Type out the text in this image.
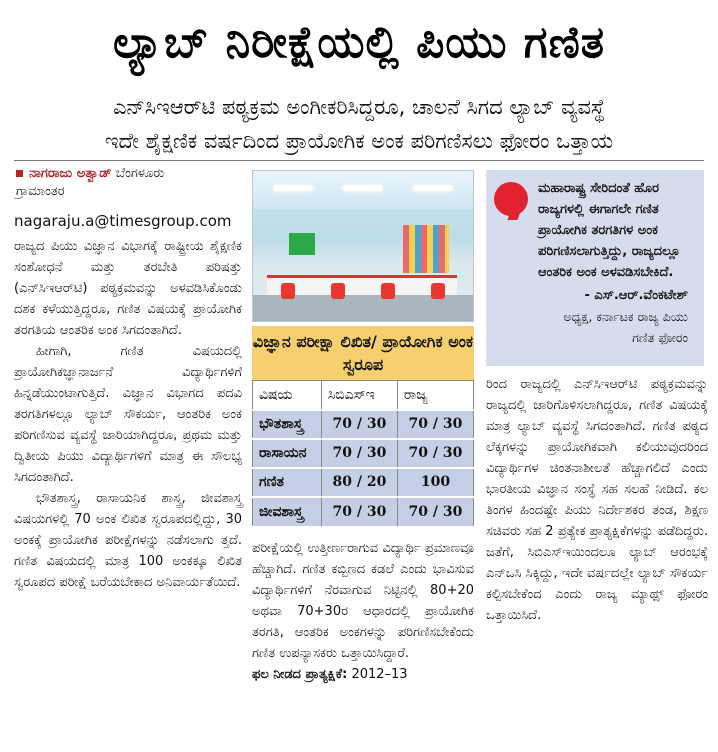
ಲ್ಯಾಬ್ ನಿರೀಕ್ಷೆಯಲ್ಲಿ ಪಿಯು ಗಣಿತ
ಎನ್‌ಸಿಇಆರ್‌ಟಿ ಪಠ್ಯಕ್ರಮ ಅಂಗೀಕರಿಸಿದ್ದರೂ, ಚಾಲನೆ ಸಿಗದ ಲ್ಯಾಬ್ ವ್ಯವಸ್ಥೆ
ಇದೇ ಶೈಕ್ಷಣಿಕ ವರ್ಷದಿಂದ ಪ್ರಾಯೋಗಿಕ ಅಂಕ ಪರಿಗಣಿಸಲು ಫೋರಂ ಒತ್ತಾಯ
ನಾಗರಾಜು ಅತ್ವಾಡ್ ಬೆಂಗಳೂರು
ಗ್ರಾಮಾಂತರ
nagaraju.a@timesgroup.com

ರಾಜ್ಯದ ಪಿಯು ವಿಜ್ಞಾನ ವಿಭಾಗಕ್ಕೆ ರಾಷ್ಟ್ರೀಯ ಶೈಕ್ಷಣಿಕ ಸಂಶೋಧನೆ ಮತ್ತು ತರಬೇತಿ ಪರಿಷತ್ತು (ಎನ್‌ಸಿಇಆರ್‌ಟಿ) ಪಠ್ಯಕ್ರಮವನ್ನು ಅಳವಡಿಸಿಕೊಂಡು ದಶಕ ಕಳೆಯುತ್ತಿದ್ದರೂ, ಗಣಿತ ವಿಷಯಕ್ಕೆ ಪ್ರಾಯೋಗಿಕ ತರಗತಿಯ ಆಂತರಿಕ ಅಂಕ ಸಿಗದಂತಾಗಿದೆ.

ಹೀಗಾಗಿ, ಗಣಿತ ವಿಷಯದಲ್ಲಿ ಪ್ರಾಯೋಗಿಕಜ್ಞಾನಾರ್ಜನೆ ವಿದ್ಯಾರ್ಥಿಗಳಿಗೆ ಹಿನ್ನಡೆಯುಂಟಾಗುತ್ತಿದೆ. ವಿಜ್ಞಾನ ವಿಭಾಗದ ಪದವಿ ತರಗತಿಗಳಲ್ಲೂ ಲ್ಯಾಬ್ ಸೌಕರ್ಯ, ಆಂತರಿಕ ಅಂಕ ಪರಿಗಣಿಸುವ ವ್ಯವಸ್ಥೆ ಜಾರಿಯಾಗಿದ್ದರೂ, ಪ್ರಥಮ ಮತ್ತು ದ್ವಿತೀಯ ಪಿಯು ವಿದ್ಯಾರ್ಥಿಗಳಿಗೆ ಮಾತ್ರ ಈ ಸೌಲಭ್ಯ ಸಿಗದಂತಾಗಿದೆ.

ಭೌತಶಾಸ್ತ್ರ, ರಾಸಾಯನಿಕ ಶಾಸ್ತ್ರ, ಜೀವಶಾಸ್ತ್ರ ವಿಷಯಗಳಲ್ಲಿ 70 ಅಂಕ ಲಿಖಿತ ಸ್ವರೂಪದಲ್ಲಿದ್ದು, 30 ಅಂಕಕ್ಕೆ ಪ್ರಾಯೋಗಿಕ ಪರೀಕ್ಷೆಗಳನ್ನು ನಡೆಸಲಾಗು ತ್ತದೆ. ಗಣಿತ ವಿಷಯದಲ್ಲಿ ಮಾತ್ರ 100 ಅಂಕಕ್ಕೂ ಲಿಖಿತ ಸ್ವರೂಪದ ಪರೀಕ್ಷೆ ಬರೆಯಬೇಕಾದ ಅನಿವಾರ್ಯತೆಯಿದೆ.

ವಿಜ್ಞಾನ ಪರೀಕ್ಷಾ ಲಿಖಿತ/ ಪ್ರಾಯೋಗಿಕ ಅಂಕ ಸ್ವರೂಪ
ವಿಷಯ	ಸಿಬಿಎಸ್ಇ	ರಾಜ್ಯ
ಭೌತಶಾಸ್ತ್ರ	70 / 30	70 / 30
ರಾಸಾಯನ	70 / 30	70 / 30
ಗಣಿತ	80 / 20	100
ಜೀವಶಾಸ್ತ್ರ	70 / 30	70 / 30

ಪರೀಕ್ಷೆಯಲ್ಲಿ ಉತ್ತೀರ್ಣರಾಗುವ ವಿದ್ಯಾರ್ಥಿ ಪ್ರಮಾಣವೂ ಹೆಚ್ಚಾಗಿದೆ. ಗಣಿತ ಕಬ್ಬಿಣದ ಕಡಲೆ ಎಂದು ಭಾವಿಸುವ ವಿದ್ಯಾರ್ಥಿಗಳಿಗೆ ನೆರವಾಗುವ ನಿಟ್ಟಿನಲ್ಲಿ 80+20 ಅಥವಾ 70+30ರ ಆಧಾರದಲ್ಲಿ ಪ್ರಾಯೋಗಿಕ ತರಗತಿ, ಆಂತರಿಕ ಅಂಕಗಳನ್ನು ಪರಿಗಣಿಸಬೇಕೆಂದು ಗಣಿತ ಉಪನ್ಯಾಸಕರು ಒತ್ತಾಯಿಸಿದ್ದಾರೆ.

ಫಲ ನೀಡದ ಪ್ರಾತ್ಯಕ್ಷಿಕೆ: 2012–13

ಮಹಾರಾಷ್ಟ್ರ ಸೇರಿದಂತೆ ಹೊರ ರಾಜ್ಯಗಳಲ್ಲಿ ಈಗಾಗಲೇ ಗಣಿತ ಪ್ರಾಯೋಗಿಕ ತರಗತಿಗಳ ಅಂಕ ಪರಿಗಣಿಸಲಾಗುತ್ತಿದ್ದು, ರಾಜ್ಯದಲ್ಲೂ ಆಂತರಿಕ ಅಂಕ ಅಳವಡಿಸಬೇಕಿದೆ.
- ಎಸ್.ಆರ್.ವೆಂಕಟೇಶ್
ಅಧ್ಯಕ್ಷ, ಕರ್ನಾಟಕ ರಾಜ್ಯ ಪಿಯು ಗಣಿತ ಫೋರಂ

ರಿಂದ ರಾಜ್ಯದಲ್ಲಿ ಎನ್‌ಸಿಇಆರ್‌ಟಿ ಪಠ್ಯಕ್ರಮವನ್ನು ರಾಜ್ಯದಲ್ಲಿ ಜಾರಿಗೊಳಿಸಲಾಗಿದ್ದರೂ, ಗಣಿತ ವಿಷಯಕ್ಕೆ ಮಾತ್ರ ಲ್ಯಾಬ್ ವ್ಯವಸ್ಥೆ ಸಿಗದಂತಾಗಿದೆ. ಗಣಿತ ಪಠ್ಯದ ಲೆಕ್ಕಗಳನ್ನು ಪ್ರಾಯೋಗಿಕವಾಗಿ ಕಲಿಯುವುದರಿಂದ ವಿದ್ಯಾರ್ಥಿಗಳ ಚಿಂತನಾಶೀಲತೆ ಹೆಚ್ಚಾಗಲಿದೆ ಎಂದು ಭಾರತೀಯ ವಿಜ್ಞಾನ ಸಂಸ್ಥೆ ಸಹ ಸಲಹೆ ನೀಡಿದೆ. ಕಲ ತಿಂಗಳ ಹಿಂದಷ್ಟೇ ಪಿಯು ನಿರ್ದೇಶಕರ ತಂಡ, ಶಿಕ್ಷಣ ಸಚಿವರು ಸಹ 2 ಪ್ರತ್ಯೇಕ ಪ್ರಾತ್ಯಕ್ಷಿಕೆಗಳನ್ನು ಪಡೆದಿದ್ದರು. ಜತೆಗೆ, ಸಿಬಿಎಸ್‌ಇಯಿಂದಲೂ ಲ್ಯಾಬ್ ಆರಂಭಕ್ಕೆ ಎನ್‌ಒಸಿ ಸಿಕ್ಕಿದ್ದು, ಇದೇ ವರ್ಷದಲ್ಲೇ ಲ್ಯಾಬ್ ಸೌಕರ್ಯ ಕಲ್ಪಿಸಬೇಕೆಂದ ಎಂದು ರಾಜ್ಯ ಮ್ಯಾಥ್ಸ್ ಫೋರಂ ಒತ್ತಾಯಿಸಿದೆ.
